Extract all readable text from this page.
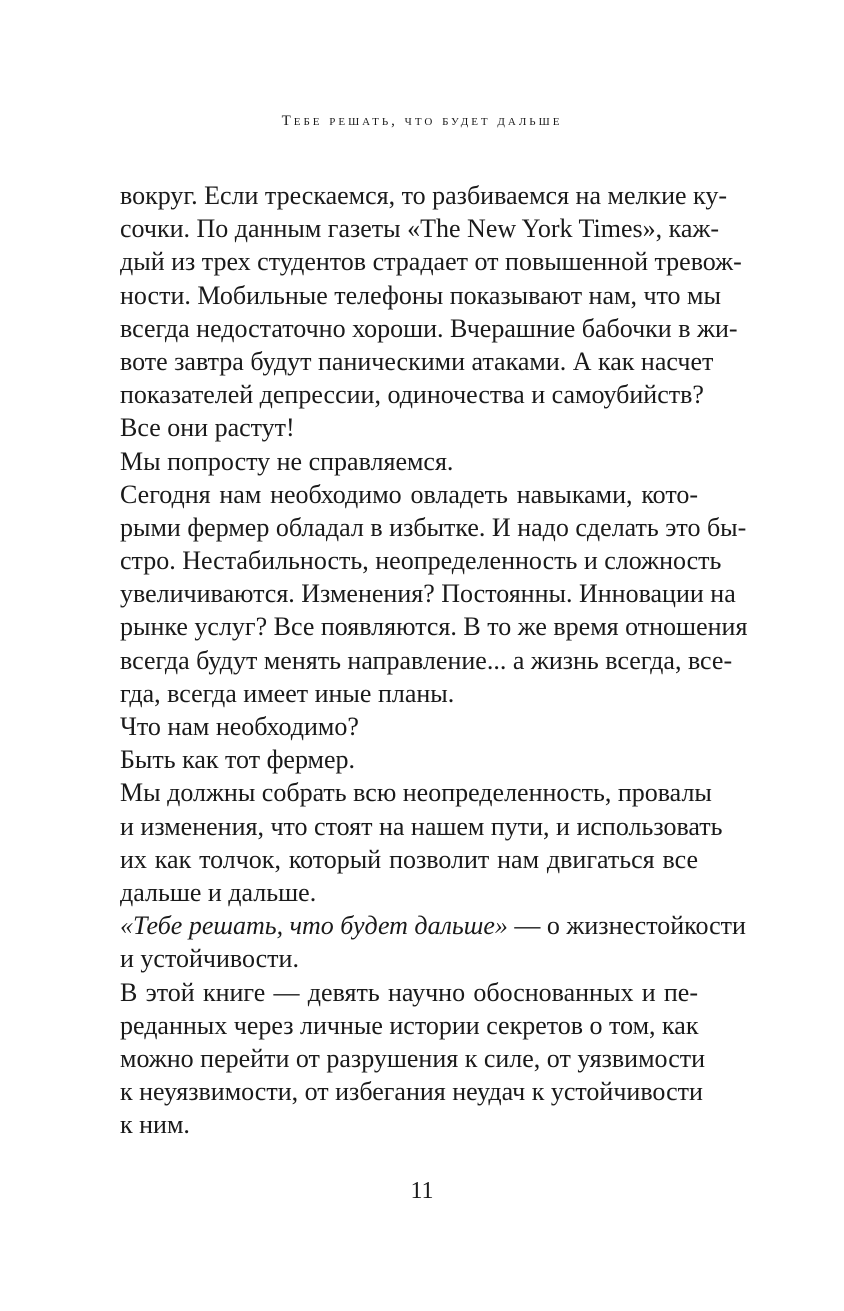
Тебе решать, что будет дальше
вокруг. Если трескаемся, то разбиваемся на мелкие ку-
сочки. По данным газеты «The New York Times», каж-
дый из трех студентов страдает от повышенной тревож-
ности. Мобильные телефоны показывают нам, что мы
всегда недостаточно хороши. Вчерашние бабочки в жи-
воте завтра будут паническими атаками. А как насчет
показателей депрессии, одиночества и самоубийств?
Все они растут!
Мы попросту не справляемся.
Сегодня нам необходимо овладеть навыками, кото-
рыми фермер обладал в избытке. И надо сделать это бы-
стро. Нестабильность, неопределенность и сложность
увеличиваются. Изменения? Постоянны. Инновации на
рынке услуг? Все появляются. В то же время отношения
всегда будут менять направление... а жизнь всегда, все-
гда, всегда имеет иные планы.
Что нам необходимо?
Быть как тот фермер.
Мы должны собрать всю неопределенность, провалы
и изменения, что стоят на нашем пути, и использовать
их как толчок, который позволит нам двигаться все
дальше и дальше.
«Тебе решать, что будет дальше» — о жизнестойкости
и устойчивости.
В этой книге — девять научно обоснованных и пе-
реданных через личные истории секретов о том, как
можно перейти от разрушения к силе, от уязвимости
к неуязвимости, от избегания неудач к устойчивости
к ним.
11
